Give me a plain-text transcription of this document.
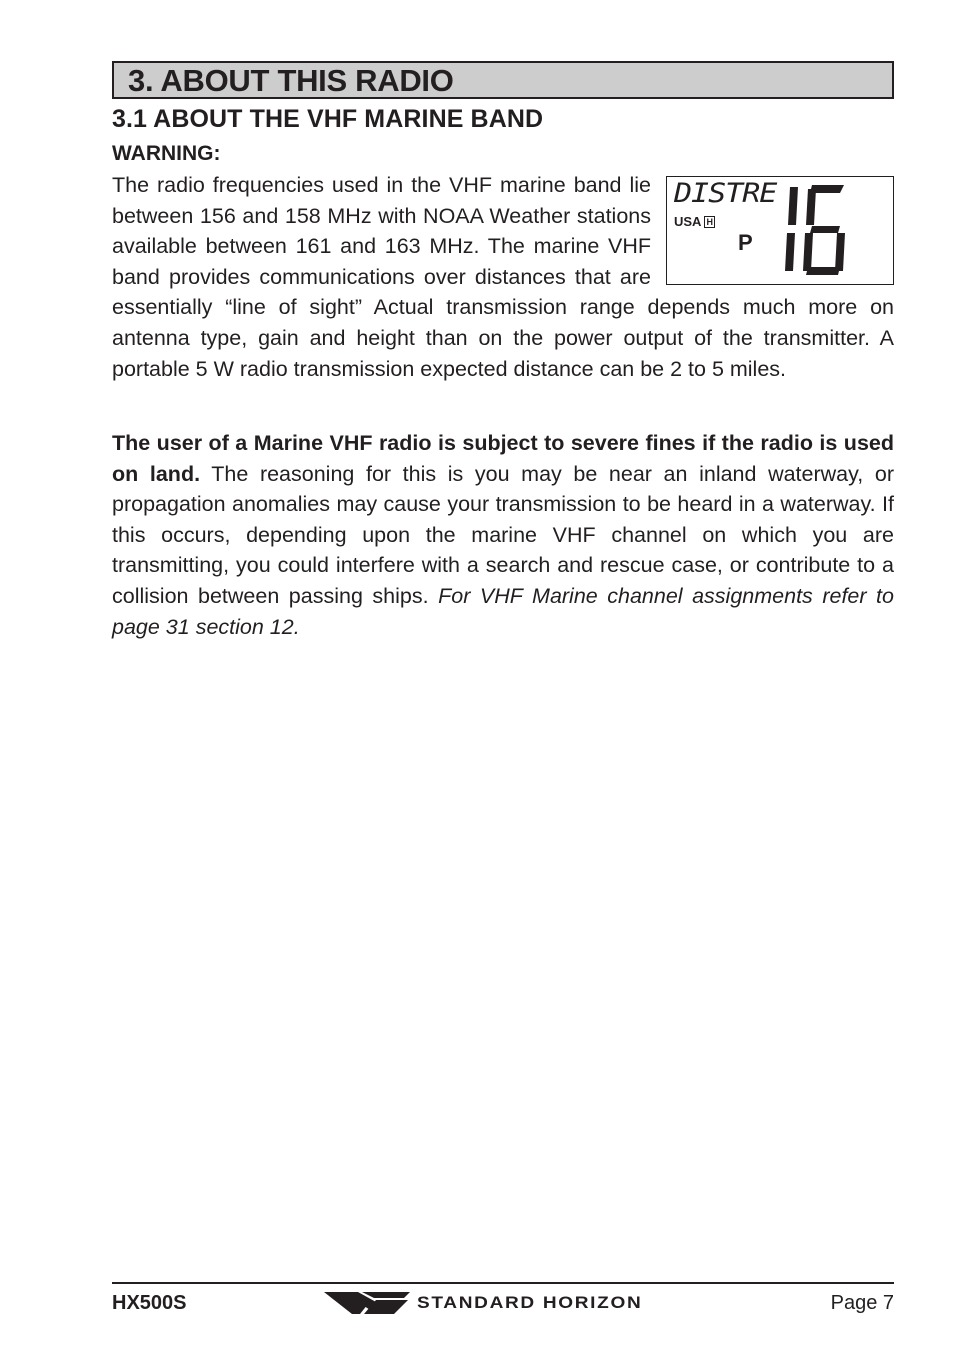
3. ABOUT THIS RADIO
3.1 ABOUT THE VHF MARINE BAND
WARNING:

DISTRE
USA H
P
The radio frequencies used in the VHF marine band lie between 156 and 158 MHz with NOAA Weather stations available between 161 and 163 MHz. The marine VHF band provides communications over distances that are essentially “line of sight” Actual transmission range depends much more on antenna type, gain and height than on the power output of the transmitter. A portable 5 W radio transmission expected distance can be 2 to 5 miles.

The user of a Marine VHF radio is subject to severe fines if the radio is used on land. The reasoning for this is you may be near an inland waterway, or propagation anomalies may cause your transmission to be heard in a waterway. If this occurs, depending upon the marine VHF channel on which you are transmitting, you could interfere with a search and rescue case, or contribute to a collision between passing ships. For VHF Marine channel assignments refer to page 31 section 12.

HX500S	STANDARD HORIZON	Page 7
